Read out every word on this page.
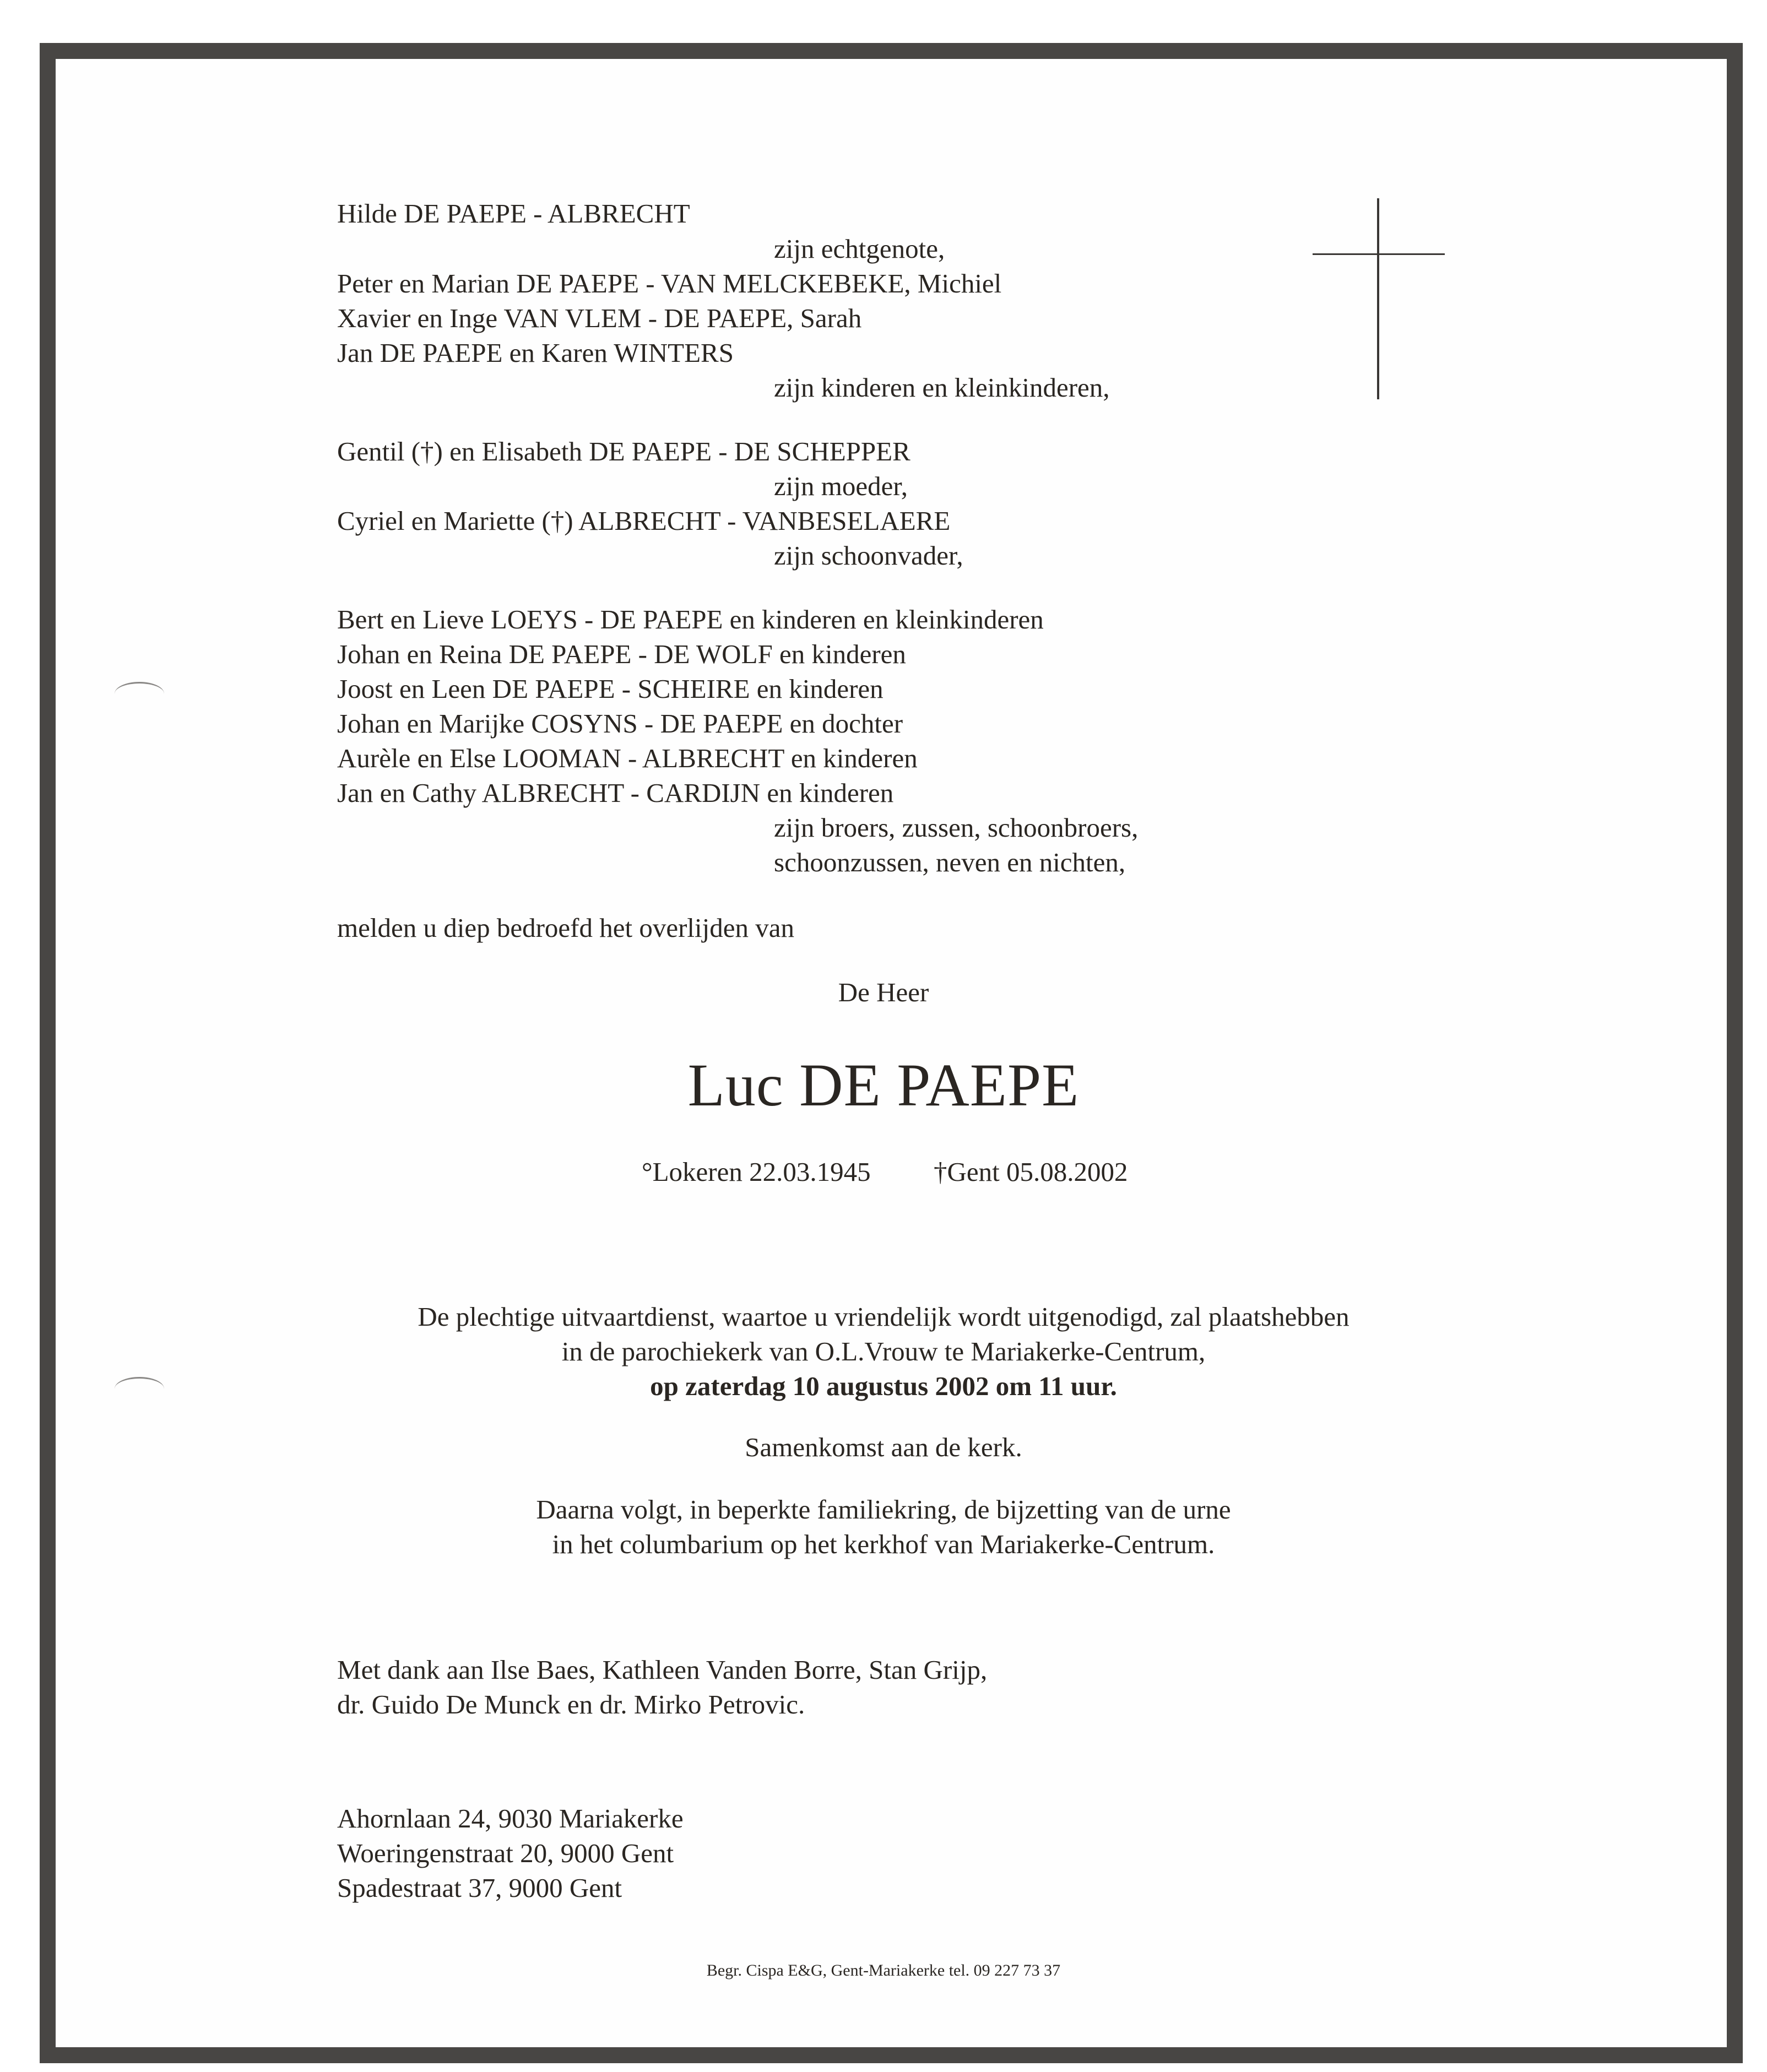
Hilde DE PAEPE - ALBRECHT
zijn echtgenote,
Peter en Marian DE PAEPE - VAN MELCKEBEKE, Michiel
Xavier en Inge VAN VLEM - DE PAEPE, Sarah
Jan DE PAEPE en Karen WINTERS
zijn kinderen en kleinkinderen,
Gentil (†) en Elisabeth DE PAEPE - DE SCHEPPER
zijn moeder,
Cyriel en Mariette (†) ALBRECHT - VANBESELAERE
zijn schoonvader,
Bert en Lieve LOEYS - DE PAEPE en kinderen en kleinkinderen
Johan en Reina DE PAEPE - DE WOLF en kinderen
Joost en Leen DE PAEPE - SCHEIRE en kinderen
Johan en Marijke COSYNS - DE PAEPE en dochter
Aurèle en Else LOOMAN - ALBRECHT en kinderen
Jan en Cathy ALBRECHT - CARDIJN en kinderen
zijn broers, zussen, schoonbroers,
schoonzussen, neven en nichten,
melden u diep bedroefd het overlijden van
De Heer
Luc DE PAEPE
°Lokeren 22.03.1945 †Gent 05.08.2002
De plechtige uitvaartdienst, waartoe u vriendelijk wordt uitgenodigd, zal plaatshebben
in de parochiekerk van O.L.Vrouw te Mariakerke-Centrum,
op zaterdag 10 augustus 2002 om 11 uur.
Samenkomst aan de kerk.
Daarna volgt, in beperkte familiekring, de bijzetting van de urne
in het columbarium op het kerkhof van Mariakerke-Centrum.
Met dank aan Ilse Baes, Kathleen Vanden Borre, Stan Grijp,
dr. Guido De Munck en dr. Mirko Petrovic.
Ahornlaan 24, 9030 Mariakerke
Woeringenstraat 20, 9000 Gent
Spadestraat 37, 9000 Gent
Begr. Cispa E&G, Gent-Mariakerke tel. 09 227 73 37
